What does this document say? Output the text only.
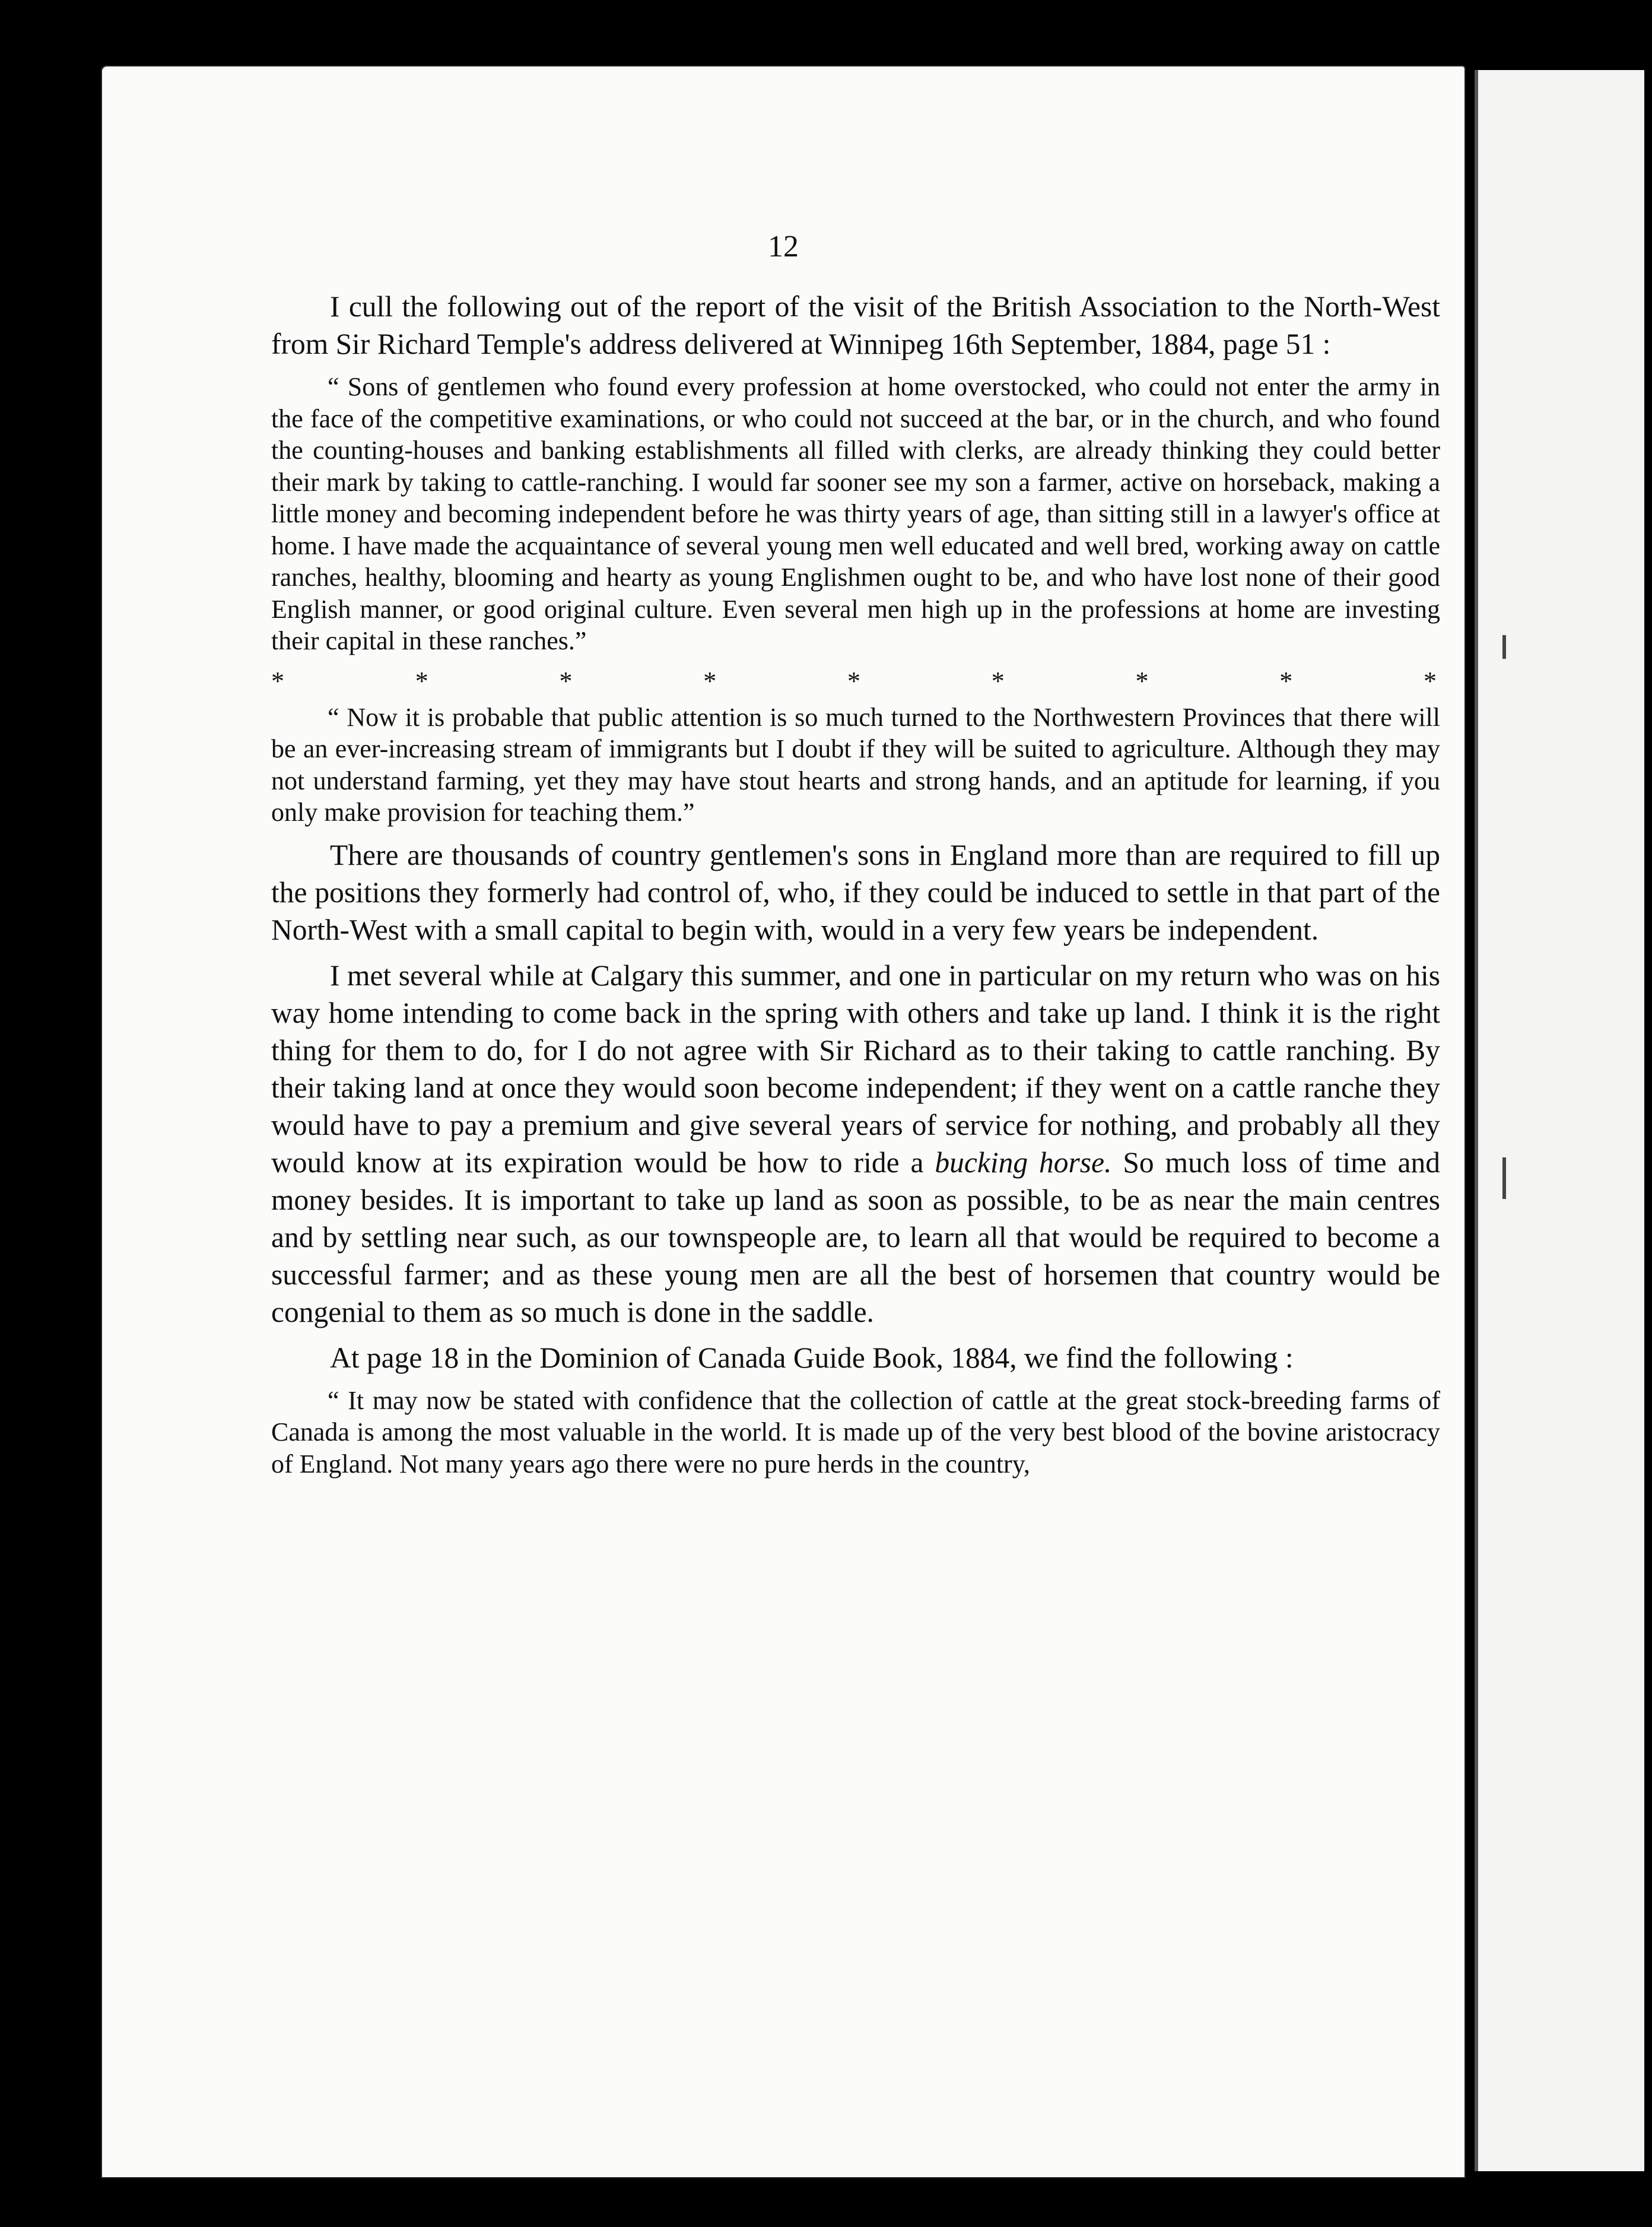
12

I cull the following out of the report of the visit of the British Association to the North-West from Sir Richard Temple's address delivered at Winnipeg 16th September, 1884, page 51 :

“ Sons of gentlemen who found every profession at home overstocked, who could not enter the army in the face of the competitive examinations, or who could not succeed at the bar, or in the church, and who found the counting-houses and banking establishments all filled with clerks, are already thinking they could better their mark by taking to cattle-ranching. I would far sooner see my son a farmer, active on horseback, making a little money and becoming independent before he was thirty years of age, than sitting still in a lawyer's office at home. I have made the acquaintance of several young men well educated and well bred, working away on cattle ranches, healthy, blooming and hearty as young Englishmen ought to be, and who have lost none of their good English manner, or good original culture. Even several men high up in the professions at home are investing their capital in these ranches.”

*	*	*	*	*	*	*	*	*

“ Now it is probable that public attention is so much turned to the Northwestern Provinces that there will be an ever-increasing stream of immigrants but I doubt if they will be suited to agriculture. Although they may not understand farming, yet they may have stout hearts and strong hands, and an aptitude for learning, if you only make provision for teaching them.”

There are thousands of country gentlemen's sons in England more than are required to fill up the positions they formerly had control of, who, if they could be induced to settle in that part of the North-West with a small capital to begin with, would in a very few years be independent.

I met several while at Calgary this summer, and one in particular on my return who was on his way home intending to come back in the spring with others and take up land. I think it is the right thing for them to do, for I do not agree with Sir Richard as to their taking to cattle ranching. By their taking land at once they would soon become independent; if they went on a cattle ranche they would have to pay a premium and give several years of service for nothing, and probably all they would know at its expiration would be how to ride a bucking horse. So much loss of time and money besides. It is important to take up land as soon as possible, to be as near the main centres and by settling near such, as our townspeople are, to learn all that would be required to become a successful farmer; and as these young men are all the best of horsemen that country would be congenial to them as so much is done in the saddle.

At page 18 in the Dominion of Canada Guide Book, 1884, we find the following :

“ It may now be stated with confidence that the collection of cattle at the great stock-breeding farms of Canada is among the most valuable in the world. It is made up of the very best blood of the bovine aristocracy of England. Not many years ago there were no pure herds in the country,
